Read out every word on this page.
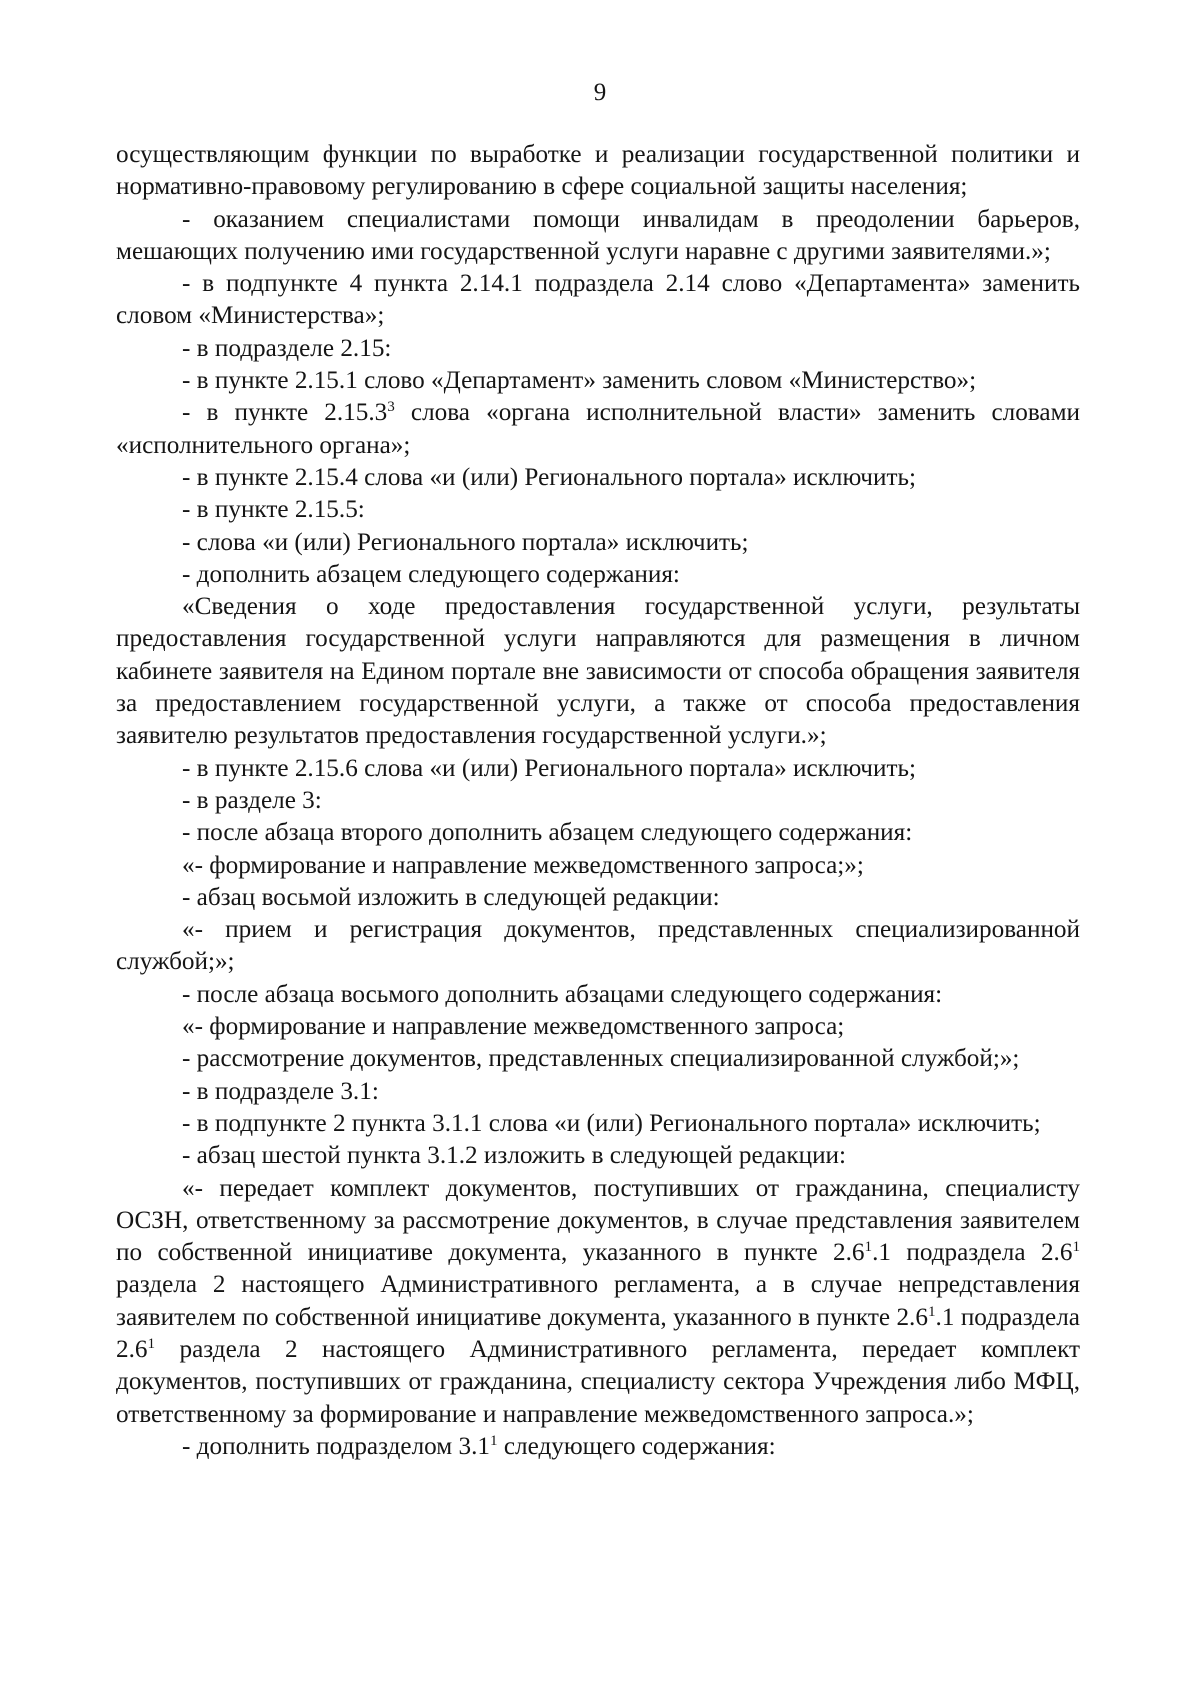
9

осуществляющим функции по выработке и реализации государственной политики и нормативно-правовому регулированию в сфере социальной защиты населения;

- оказанием специалистами помощи инвалидам в преодолении барьеров, мешающих получению ими государственной услуги наравне с другими заявителями.»;

- в подпункте 4 пункта 2.14.1 подраздела 2.14 слово «Департамента» заменить словом «Министерства»;

- в подразделе 2.15:

- в пункте 2.15.1 слово «Департамент» заменить словом «Министерство»;

- в пункте 2.15.3$^3$ слова «органа исполнительной власти» заменить словами «исполнительного органа»;

- в пункте 2.15.4 слова «и (или) Регионального портала» исключить;

- в пункте 2.15.5:

- слова «и (или) Регионального портала» исключить;

- дополнить абзацем следующего содержания:

«Сведения о ходе предоставления государственной услуги, результаты предоставления государственной услуги направляются для размещения в личном кабинете заявителя на Едином портале вне зависимости от способа обращения заявителя за предоставлением государственной услуги, а также от способа предоставления заявителю результатов предоставления государственной услуги.»;

- в пункте 2.15.6 слова «и (или) Регионального портала» исключить;

- в разделе 3:

- после абзаца второго дополнить абзацем следующего содержания:

«- формирование и направление межведомственного запроса;»;

- абзац восьмой изложить в следующей редакции:

«- прием и регистрация документов, представленных специализированной службой;»;

- после абзаца восьмого дополнить абзацами следующего содержания:

«- формирование и направление межведомственного запроса;

- рассмотрение документов, представленных специализированной службой;»;

- в подразделе 3.1:

- в подпункте 2 пункта 3.1.1 слова «и (или) Регионального портала» исключить;

- абзац шестой пункта 3.1.2 изложить в следующей редакции:

«- передает комплект документов, поступивших от гражданина, специалисту ОСЗН, ответственному за рассмотрение документов, в случае представления заявителем по собственной инициативе документа, указанного в пункте $2.6^1.1$ подраздела $2.6^1$ раздела 2 настоящего Административного регламента, а в случае непредставления заявителем по собственной инициативе документа, указанного в пункте $2.6^1.1$ подраздела $2.6^1$ раздела 2 настоящего Административного регламента, передает комплект документов, поступивших от гражданина, специалисту сектора Учреждения либо МФЦ, ответственному за формирование и направление межведомственного запроса.»;

- дополнить подразделом $3.1^1$ следующего содержания:
